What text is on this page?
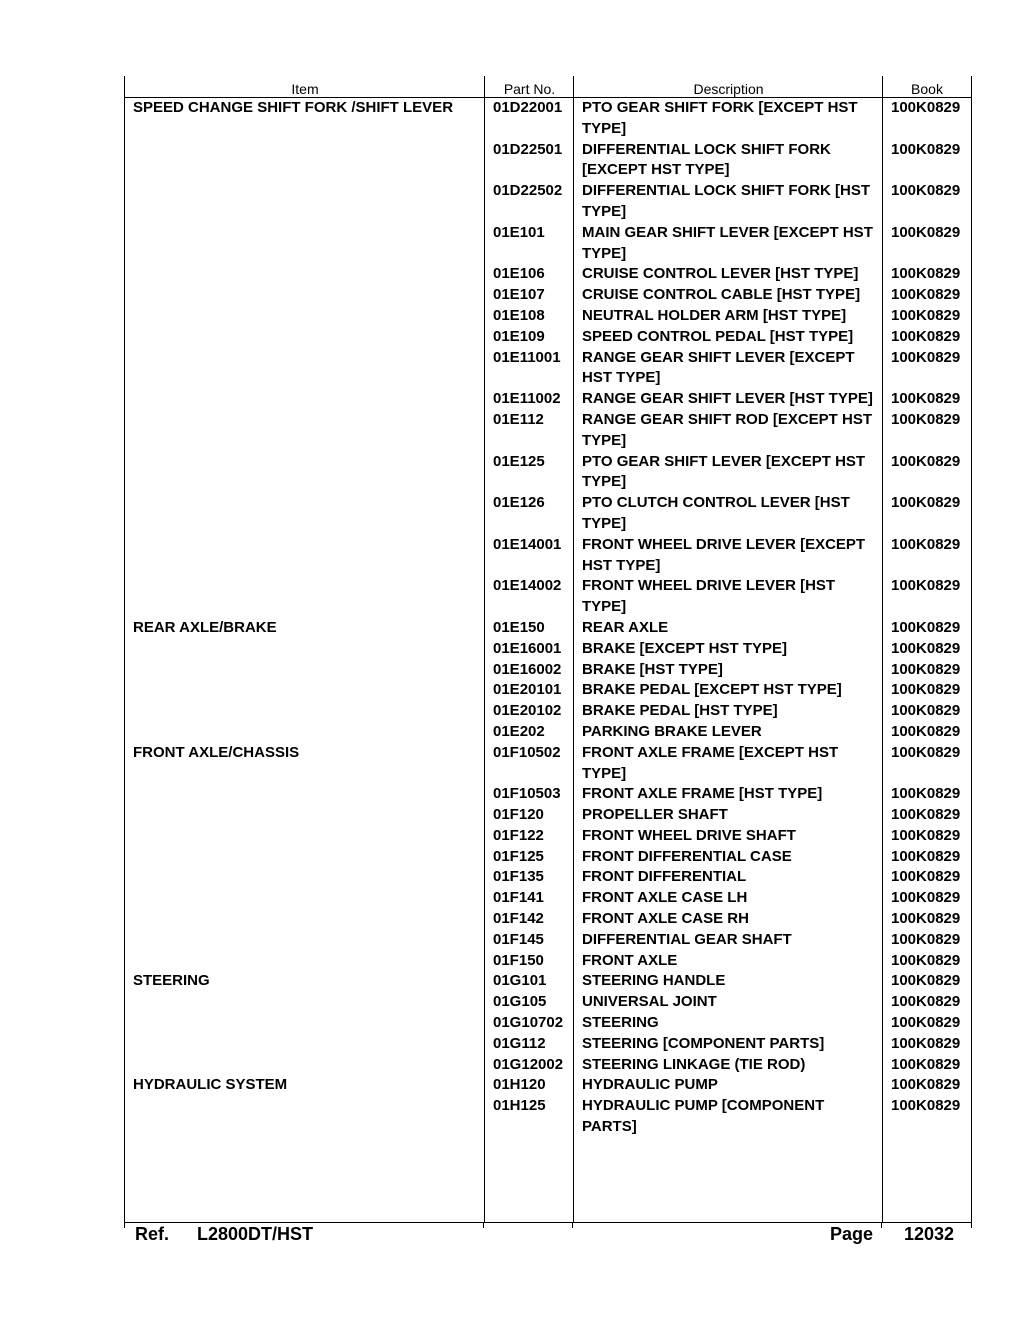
Item	Part No.	Description	Book
SPEED CHANGE SHIFT FORK /SHIFT LEVER	01D22001	PTO GEAR SHIFT FORK [EXCEPT HST TYPE]	100K0829
	01D22501	DIFFERENTIAL LOCK SHIFT FORK [EXCEPT HST TYPE]	100K0829
	01D22502	DIFFERENTIAL LOCK SHIFT FORK [HST TYPE]	100K0829
	01E101	MAIN GEAR SHIFT LEVER [EXCEPT HST TYPE]	100K0829
	01E106	CRUISE CONTROL LEVER [HST TYPE]	100K0829
	01E107	CRUISE CONTROL CABLE [HST TYPE]	100K0829
	01E108	NEUTRAL HOLDER ARM [HST TYPE]	100K0829
	01E109	SPEED CONTROL PEDAL [HST TYPE]	100K0829
	01E11001	RANGE GEAR SHIFT LEVER [EXCEPT HST TYPE]	100K0829
	01E11002	RANGE GEAR SHIFT LEVER [HST TYPE]	100K0829
	01E112	RANGE GEAR SHIFT ROD [EXCEPT HST TYPE]	100K0829
	01E125	PTO GEAR SHIFT LEVER [EXCEPT HST TYPE]	100K0829
	01E126	PTO CLUTCH CONTROL LEVER [HST TYPE]	100K0829
	01E14001	FRONT WHEEL DRIVE LEVER [EXCEPT HST TYPE]	100K0829
	01E14002	FRONT WHEEL DRIVE LEVER [HST TYPE]	100K0829
REAR AXLE/BRAKE	01E150	REAR AXLE	100K0829
	01E16001	BRAKE [EXCEPT HST TYPE]	100K0829
	01E16002	BRAKE [HST TYPE]	100K0829
	01E20101	BRAKE PEDAL [EXCEPT HST TYPE]	100K0829
	01E20102	BRAKE PEDAL [HST TYPE]	100K0829
	01E202	PARKING BRAKE LEVER	100K0829
FRONT AXLE/CHASSIS	01F10502	FRONT AXLE FRAME [EXCEPT HST TYPE]	100K0829
	01F10503	FRONT AXLE FRAME [HST TYPE]	100K0829
	01F120	PROPELLER SHAFT	100K0829
	01F122	FRONT WHEEL DRIVE SHAFT	100K0829
	01F125	FRONT DIFFERENTIAL CASE	100K0829
	01F135	FRONT DIFFERENTIAL	100K0829
	01F141	FRONT AXLE CASE LH	100K0829
	01F142	FRONT AXLE CASE RH	100K0829
	01F145	DIFFERENTIAL GEAR SHAFT	100K0829
	01F150	FRONT AXLE	100K0829
STEERING	01G101	STEERING HANDLE	100K0829
	01G105	UNIVERSAL JOINT	100K0829
	01G10702	STEERING	100K0829
	01G112	STEERING [COMPONENT PARTS]	100K0829
	01G12002	STEERING LINKAGE (TIE ROD)	100K0829
HYDRAULIC SYSTEM	01H120	HYDRAULIC PUMP	100K0829
	01H125	HYDRAULIC PUMP [COMPONENT PARTS]	100K0829
Ref. L2800DT/HST	Page 12032
